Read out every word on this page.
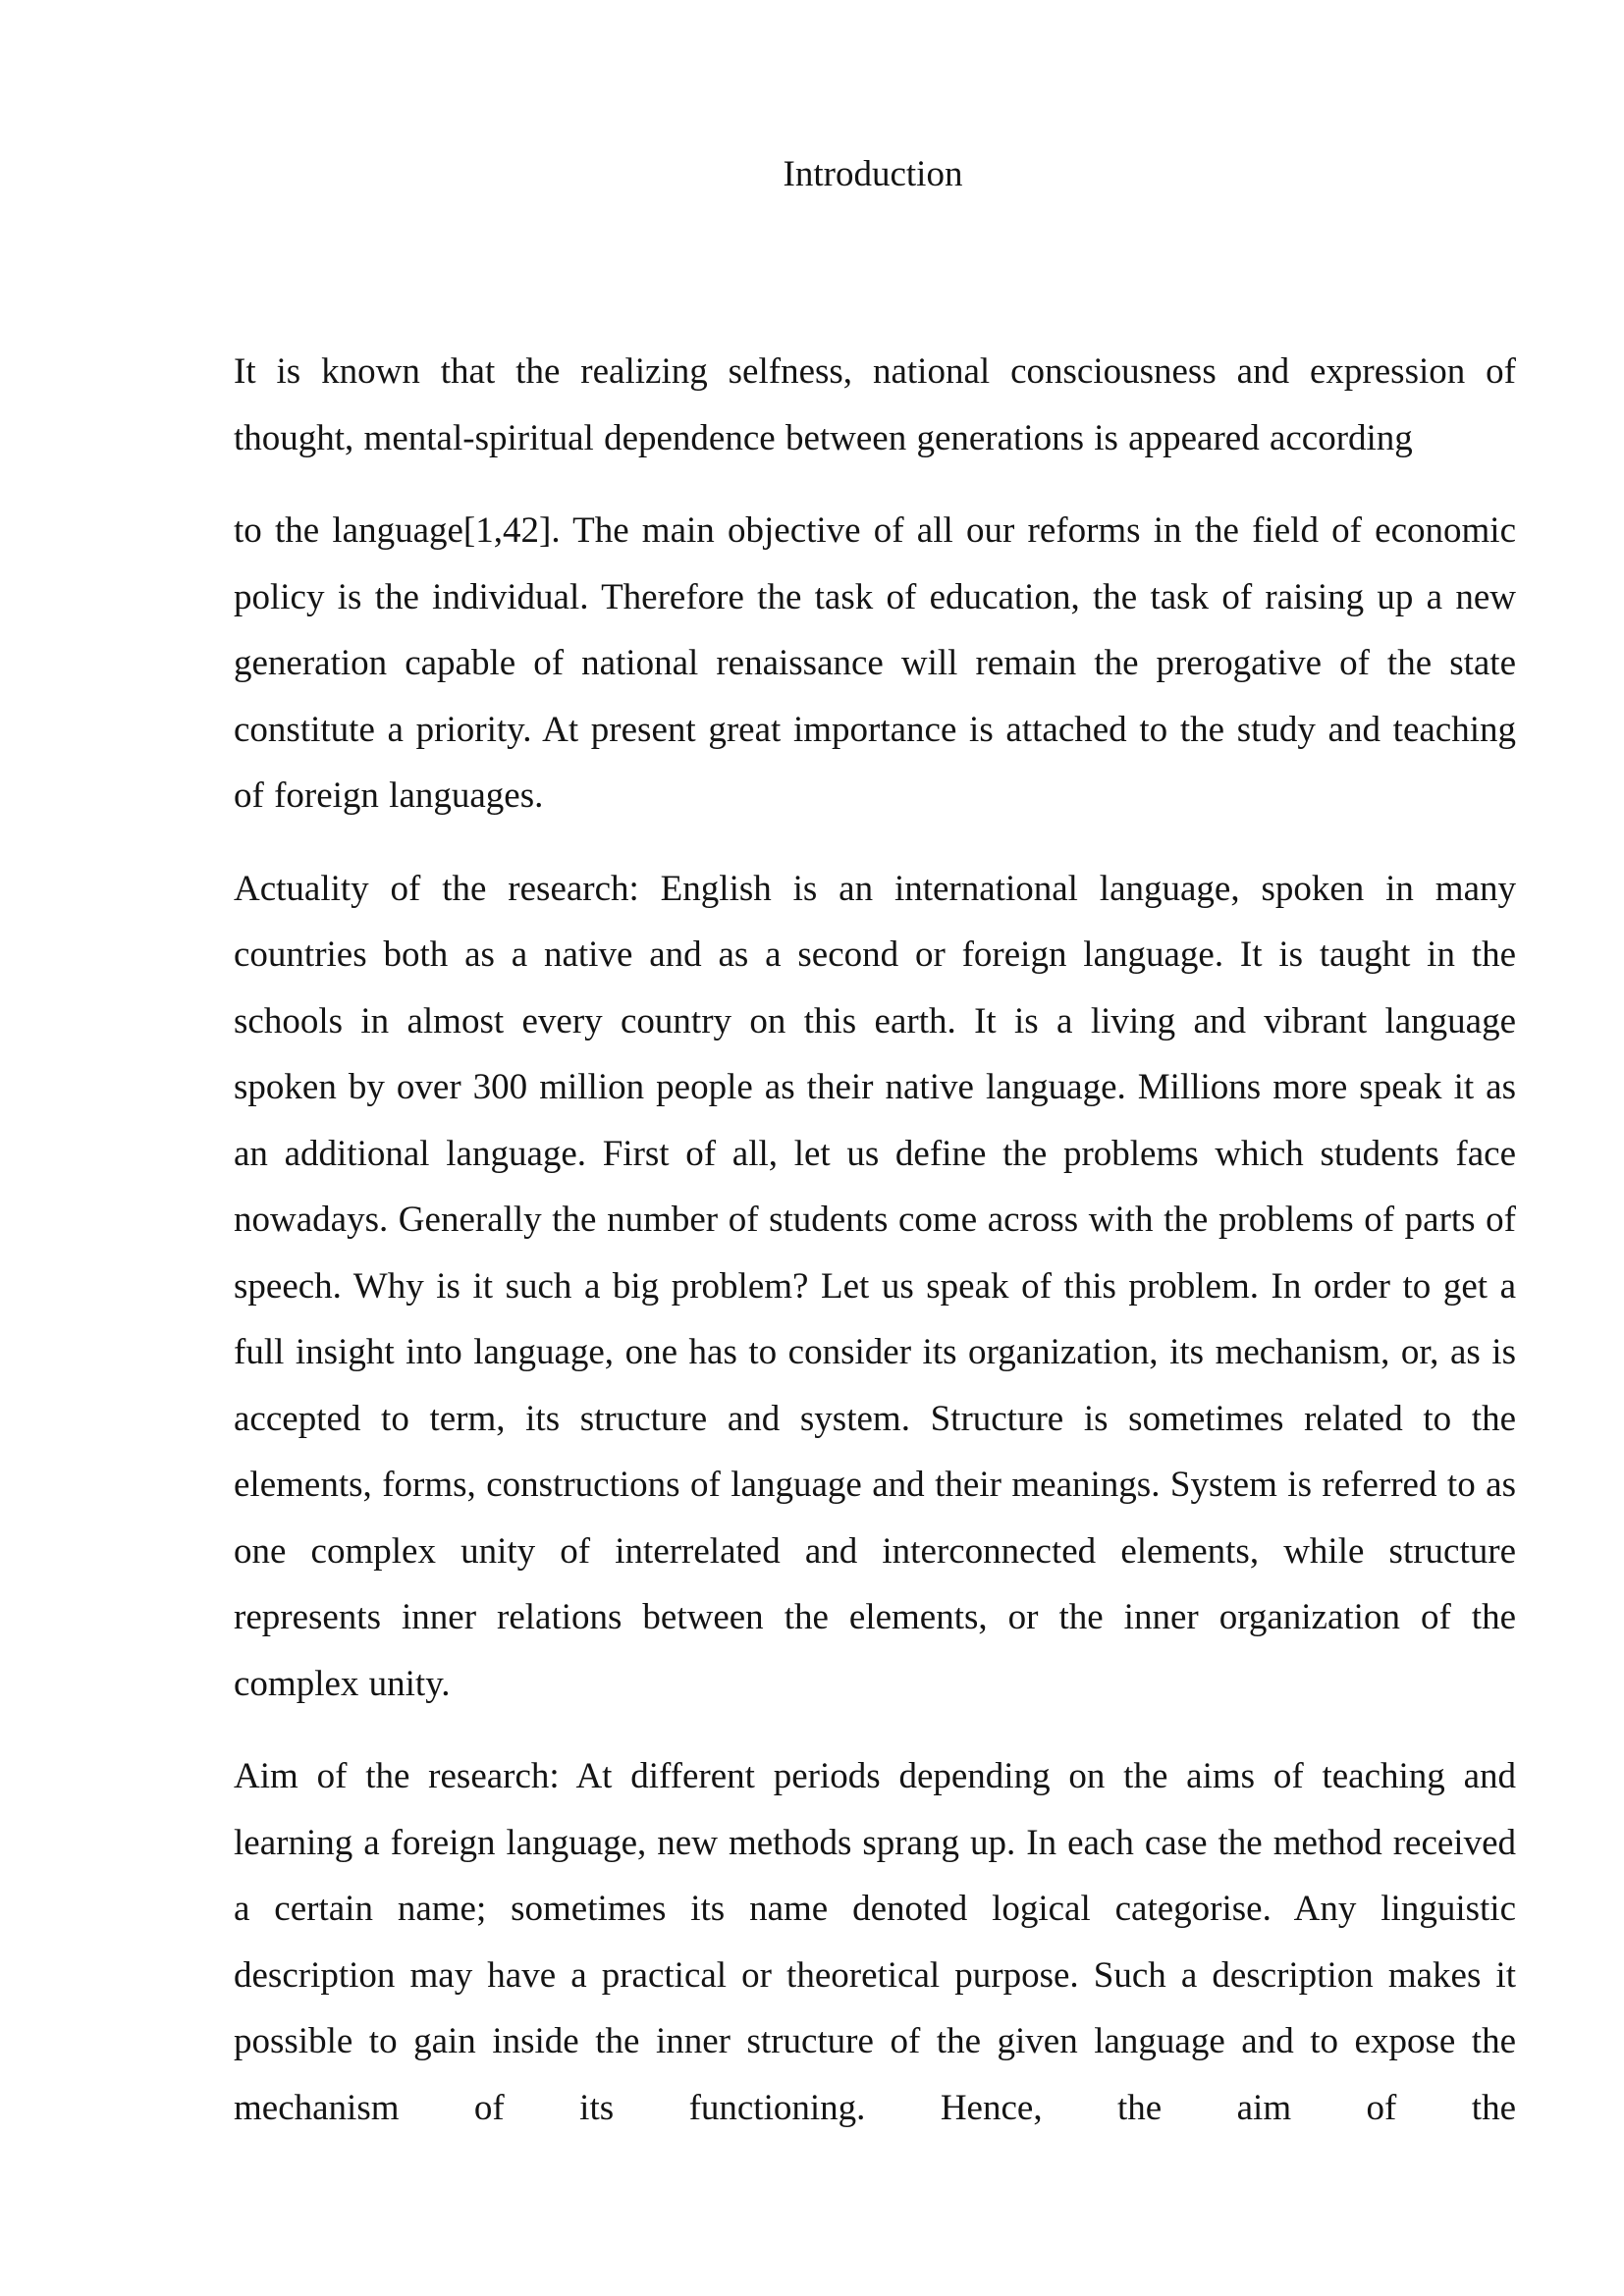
Introduction

It is known that the realizing selfness, national consciousness and expression of thought, mental-spiritual dependence between generations is appeared according

to the language[1,42]. The main objective of all our reforms in the field of economic policy is the individual. Therefore the task of education, the task of raising up a new generation capable of national renaissance will remain the prerogative of the state constitute a priority. At present great importance is attached to the study and teaching of foreign languages.

Actuality of the research: English is an international language, spoken in many countries both as a native and as a second or foreign language. It is taught in the schools in almost every country on this earth. It is a living and vibrant language spoken by over 300 million people as their native language. Millions more speak it as an additional language. First of all, let us define the problems which students face nowadays. Generally the number of students come across with the problems of parts of speech. Why is it such a big problem? Let us speak of this problem. In order to get a full insight into language, one has to consider its organization, its mechanism, or, as is accepted to term, its structure and system. Structure is sometimes related to the elements, forms, constructions of language and their meanings. System is referred to as one complex unity of interrelated and interconnected elements, while structure represents inner relations between the elements, or the inner organization of the complex unity.

Aim of the research: At different periods depending on the aims of teaching and learning a foreign language, new methods sprang up. In each case the method received a certain name; sometimes its name denoted logical categorise. Any linguistic description may have a practical or theoretical purpose. Such a description makes it possible to gain inside the inner structure of the given language and to expose the mechanism of its functioning. Hence, the aim of the
